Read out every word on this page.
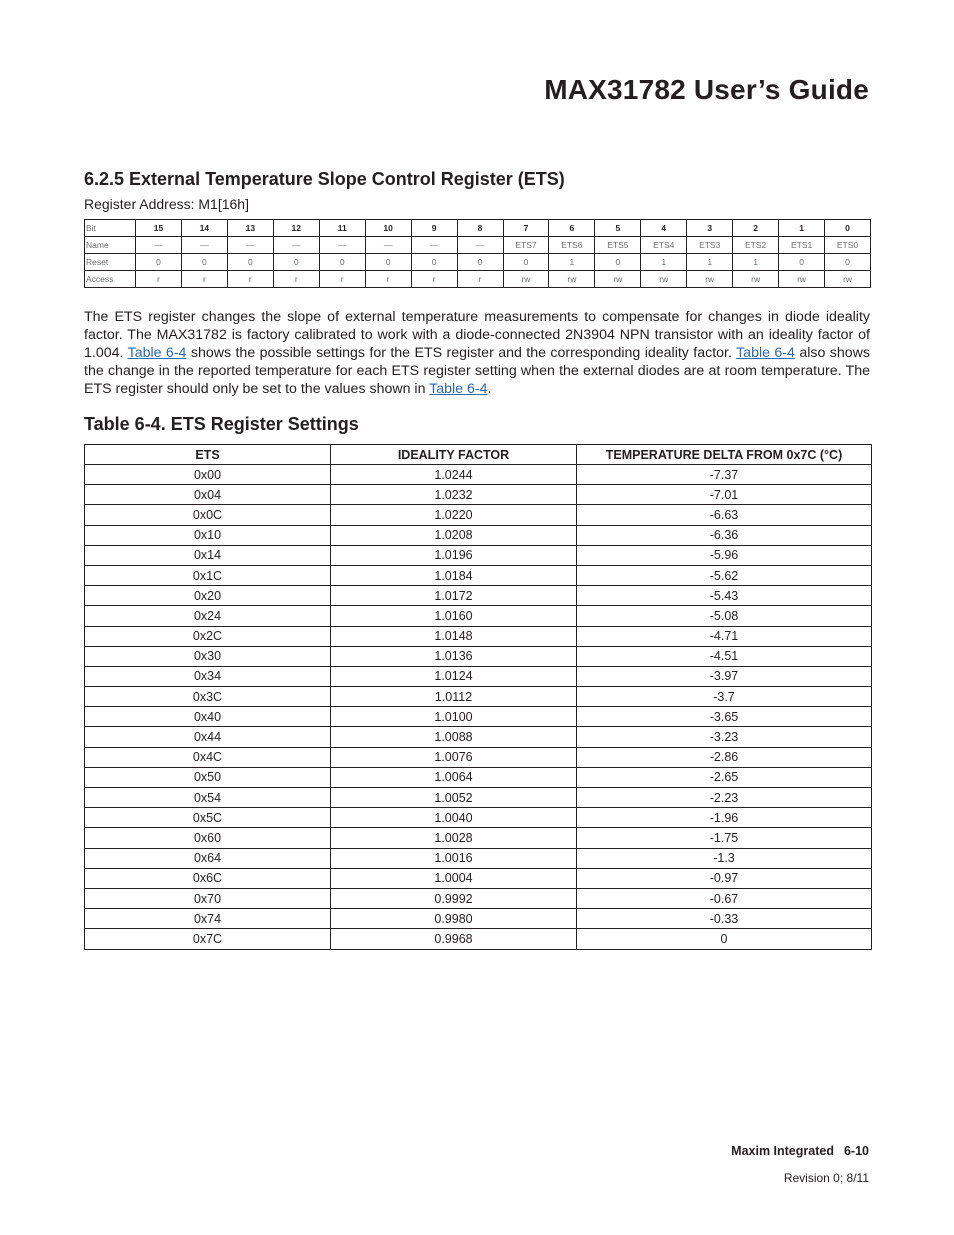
MAX31782 User’s Guide
6.2.5 External Temperature Slope Control Register (ETS)
Register Address: M1[16h]
Bit	15	14	13	12	11	10	9	8	7	6	5	4	3	2	1	0
Name	—	—	—	—	—	—	—	—	ETS7	ETS6	ETS5	ETS4	ETS3	ETS2	ETS1	ETS0
Reset	0	0	0	0	0	0	0	0	0	1	0	1	1	1	0	0
Access	r	r	r	r	r	r	r	r	rw	rw	rw	rw	rw	rw	rw	rw

The ETS register changes the slope of external temperature measurements to compensate for changes in diode ideality factor. The MAX31782 is factory calibrated to work with a diode-connected 2N3904 NPN transistor with an ideality factor of 1.004. Table 6-4 shows the possible settings for the ETS register and the corresponding ideality factor. Table 6-4 also shows the change in the reported temperature for each ETS register setting when the external diodes are at room temperature. The ETS register should only be set to the values shown in Table 6-4.

Table 6-4. ETS Register Settings
ETS	IDEALITY FACTOR	TEMPERATURE DELTA FROM 0x7C (°C)
0x00	1.0244	-7.37
0x04	1.0232	-7.01
0x0C	1.0220	-6.63
0x10	1.0208	-6.36
0x14	1.0196	-5.96
0x1C	1.0184	-5.62
0x20	1.0172	-5.43
0x24	1.0160	-5.08
0x2C	1.0148	-4.71
0x30	1.0136	-4.51
0x34	1.0124	-3.97
0x3C	1.0112	-3.7
0x40	1.0100	-3.65
0x44	1.0088	-3.23
0x4C	1.0076	-2.86
0x50	1.0064	-2.65
0x54	1.0052	-2.23
0x5C	1.0040	-1.96
0x60	1.0028	-1.75
0x64	1.0016	-1.3
0x6C	1.0004	-0.97
0x70	0.9992	-0.67
0x74	0.9980	-0.33
0x7C	0.9968	0
Maxim Integrated 6-10
Revision 0; 8/11
